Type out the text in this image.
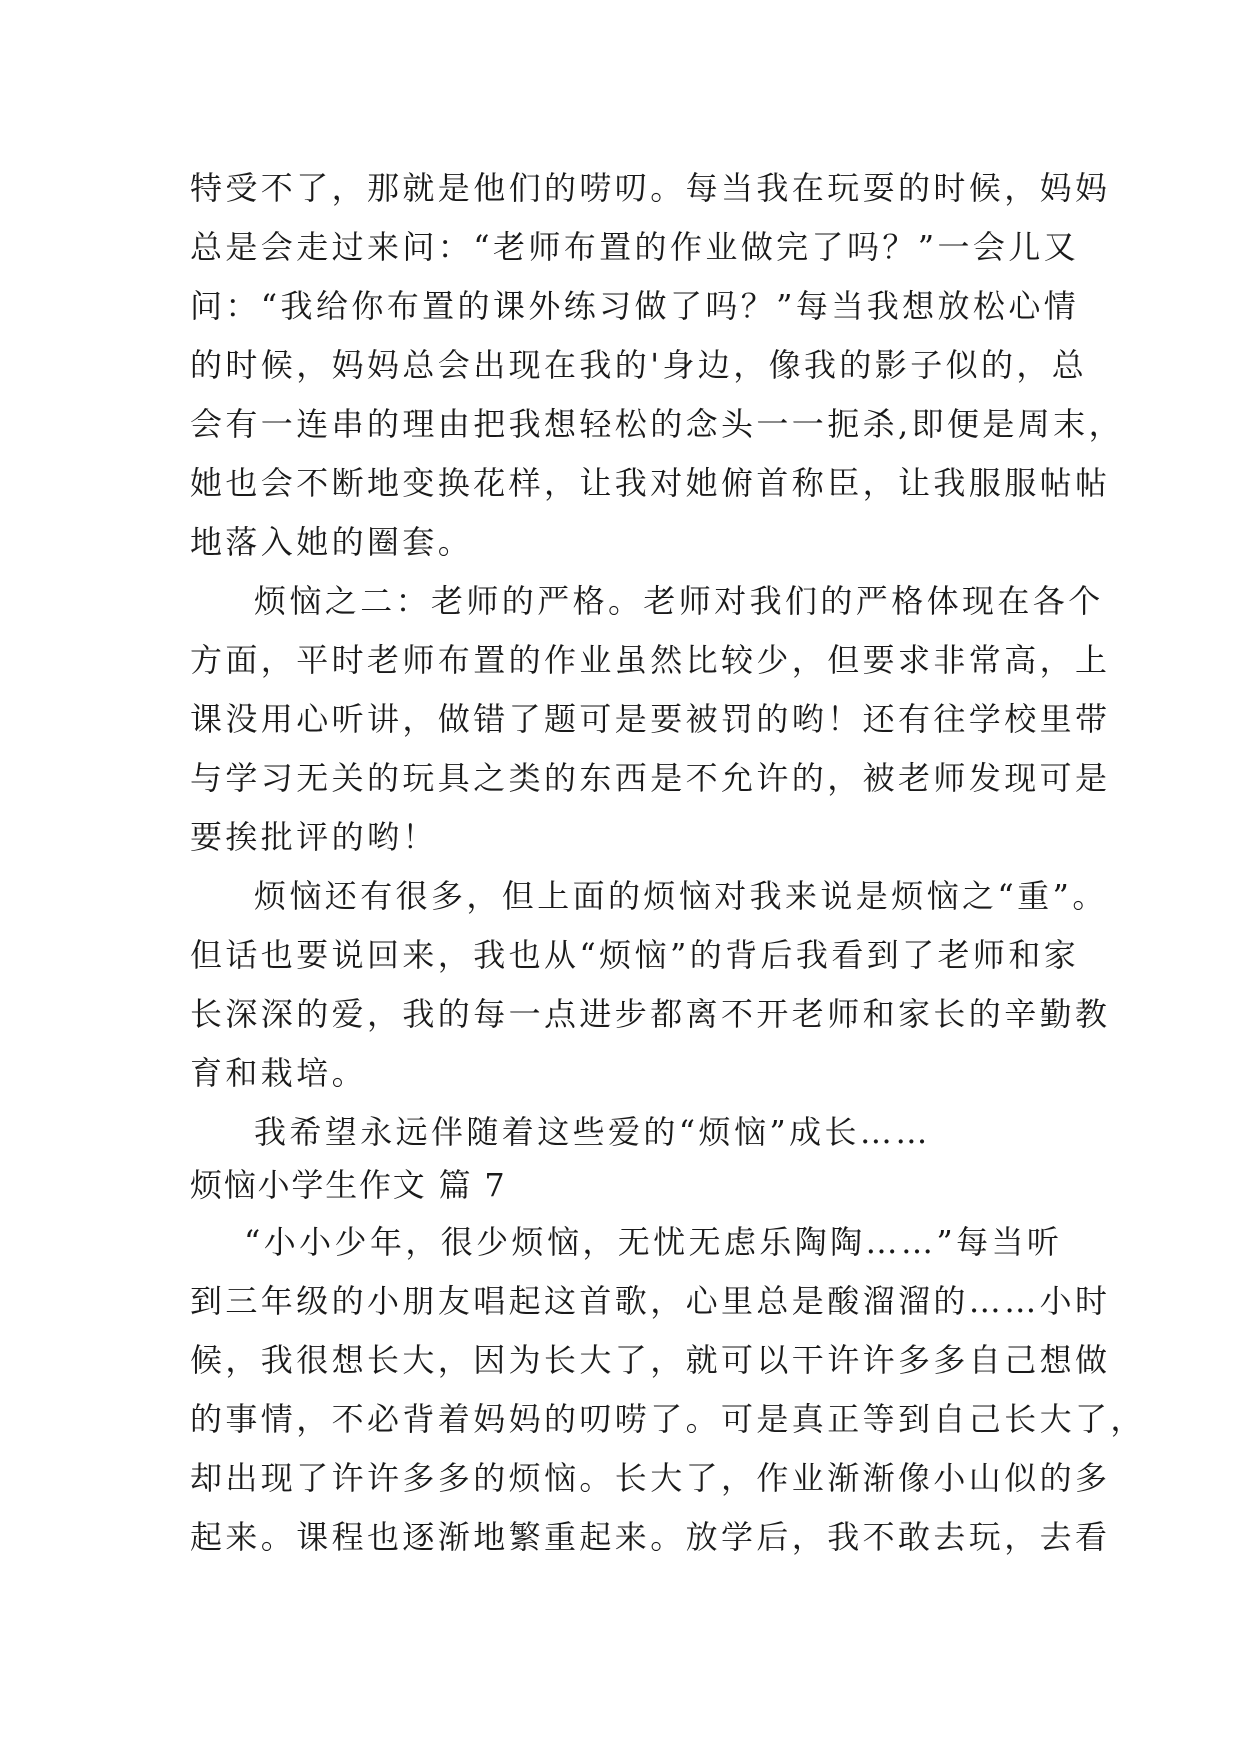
特受不了，那就是他们的唠叨。每当我在玩耍的时候，妈妈
总是会走过来问：“老师布置的作业做完了吗？”一会儿又
问：“我给你布置的课外练习做了吗？”每当我想放松心情
的时候，妈妈总会出现在我的'身边，像我的影子似的，总
会有一连串的理由把我想轻松的念头一一扼杀,即便是周末，
她也会不断地变换花样，让我对她俯首称臣，让我服服帖帖
地落入她的圈套。
烦恼之二：老师的严格。老师对我们的严格体现在各个
方面，平时老师布置的作业虽然比较少，但要求非常高，上
课没用心听讲，做错了题可是要被罚的哟！还有往学校里带
与学习无关的玩具之类的东西是不允许的，被老师发现可是
要挨批评的哟！
烦恼还有很多，但上面的烦恼对我来说是烦恼之“重”。
但话也要说回来，我也从“烦恼”的背后我看到了老师和家
长深深的爱，我的每一点进步都离不开老师和家长的辛勤教
育和栽培。
我希望永远伴随着这些爱的“烦恼”成长……
烦恼小学生作文 篇 7
“小小少年，很少烦恼，无忧无虑乐陶陶……”每当听
到三年级的小朋友唱起这首歌，心里总是酸溜溜的……小时
候，我很想长大，因为长大了，就可以干许许多多自己想做
的事情，不必背着妈妈的叨唠了。可是真正等到自己长大了，
却出现了许许多多的烦恼。长大了，作业渐渐像小山似的多
起来。课程也逐渐地繁重起来。放学后，我不敢去玩，去看
